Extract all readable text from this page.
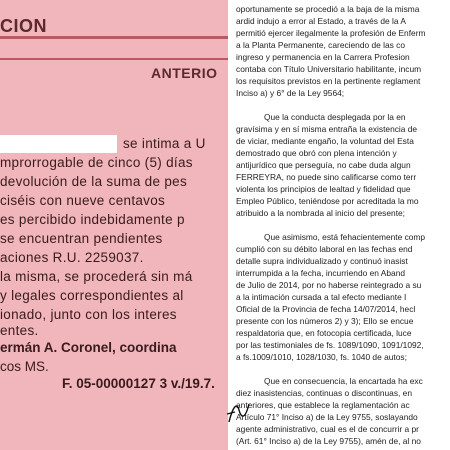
CION
ANTERIO
se intima a U
mprorrogable de cinco (5) días
devolución de la suma de pes
ciséis con nueve centavos
es percibido indebidamente p
se encuentran pendientes
aciones R.U. 2259037.
la misma, se procederá sin má
y legales correspondientes al
ionado, junto con los interes
entes.
ermán A. Coronel, coordina
cos MS.
F. 05-00000127 3 v./19.7.
oportunamente se procedió a la baja de la misma
ardid indujo a error al Estado, a través de la A
permitió ejercer ilegalmente la profesión de Enferm
a la Planta Permanente, careciendo de las co
ingreso y permanencia en la Carrera Profesion
contaba con Título Universitario habilitante, incum
los requisitos previstos en la pertinente reglament
Inciso a) y 6° de la Ley 9564;
Que la conducta desplegada por la en
gravísima y en sí misma entraña la existencia de
de viciar, mediante engaño, la voluntad del Esta
demostrado que obró con plena intención y
antijurídico que perseguía, no cabe duda algun
FERREYRA, no puede sino calificarse como terr
violenta los principios de lealtad y fidelidad que
Empleo Público, teniéndose por acreditada la mo
atribuido a la nombrada al inicio del presente;
Que asimismo, está fehacientemente comp
cumplió con su débito laboral en las fechas end
detalle supra individualizado y continuó inasist
interrumpida a la fecha, incurriendo en Aband
de Julio de 2014, por no haberse reintegrado a su
a la intimación cursada a tal efecto mediante I
Oficial de la Provincia de fecha 14/07/2014, hecl
presente con los números 2) y 3); Ello se encue
respaldatoria que, en fotocopia certificada, luce
por las testimoniales de fs. 1089/1090, 1091/1092,
a fs.1009/1010, 1028/1030, fs. 1040 de autos;
Que en consecuencia, la encartada ha exc
diez inasistencias, continuas o discontinuas, en
anteriores, que establece la reglamentación ac
Artículo 71° Inciso a) de la Ley 9755, soslayando
agente administrativo, cual es el de concurrir a pr
(Art. 61° Inciso a) de la Ley 9755), amén de, al no
